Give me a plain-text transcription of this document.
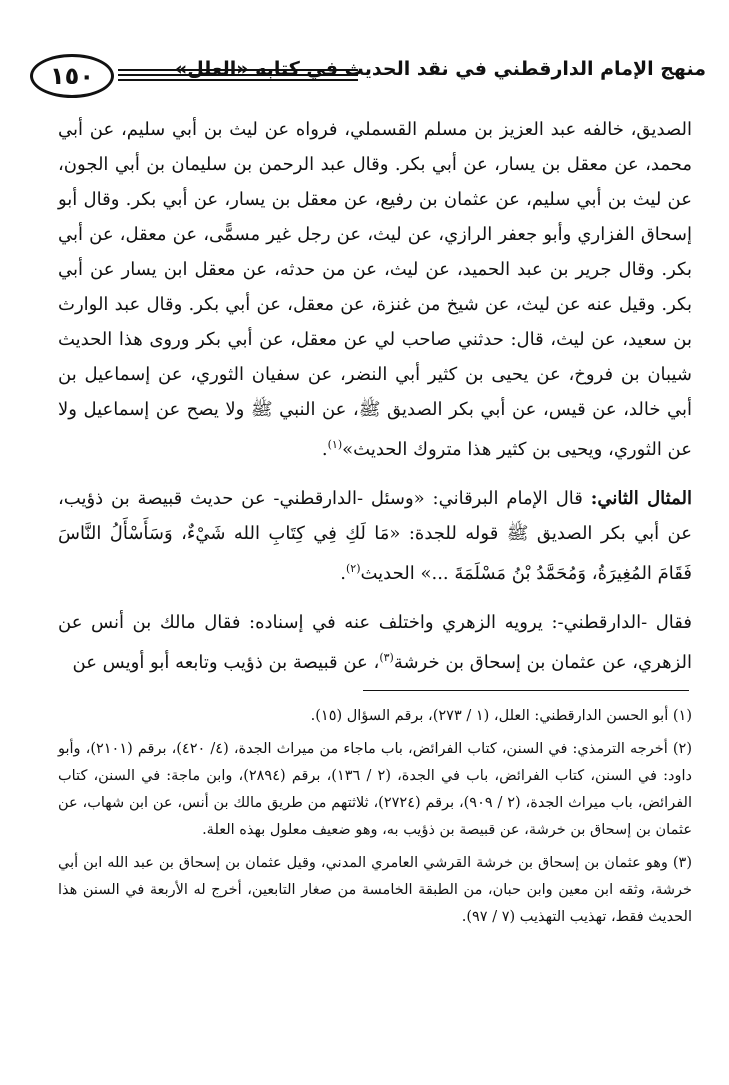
١٥٠	منهج الإمام الدارقطني في نقد الحديث في كتابه «العلل»

الصديق، خالفه عبد العزيز بن مسلم القسملي، فرواه عن ليث بن أبي سليم، عن أبي محمد، عن معقل بن يسار، عن أبي بكر. وقال عبد الرحمن بن سليمان بن أبي الجون، عن ليث بن أبي سليم، عن عثمان بن رفيع، عن معقل بن يسار، عن أبي بكر. وقال أبو إسحاق الفزاري وأبو جعفر الرازي، عن ليث، عن رجل غير مسمًّى، عن معقل، عن أبي بكر. وقال جرير بن عبد الحميد، عن ليث، عن من حدثه، عن معقل ابن يسار عن أبي بكر. وقيل عنه عن ليث، عن شيخ من غنزة، عن معقل، عن أبي بكر. وقال عبد الوارث بن سعيد، عن ليث، قال: حدثني صاحب لي عن معقل، عن أبي بكر وروى هذا الحديث شيبان بن فروخ، عن يحيى بن كثير أبي النضر، عن سفيان الثوري، عن إسماعيل بن أبي خالد، عن قيس، عن أبي بكر الصديق ﷺ، عن النبي ﷺ ولا يصح عن إسماعيل ولا عن الثوري، ويحيى بن كثير هذا متروك الحديث»$^{(١)}$.

المثال الثاني: قال الإمام البرقاني: «وسئل -الدارقطني- عن حديث قبيصة بن ذؤيب، عن أبي بكر الصديق ﷺ قوله للجدة: «مَا لَكِ فِي كِتَابِ الله شَيْءٌ، وَسَأَسْأَلُ النَّاسَ فَقَامَ المُغِيرَةُ، وَمُحَمَّدُ بْنُ مَسْلَمَةَ ...» الحديث$^{(٢)}$.

فقال -الدارقطني-: يرويه الزهري واختلف عنه في إسناده: فقال مالك بن أنس عن الزهري، عن عثمان بن إسحاق بن خرشة$^{(٣)}$، عن قبيصة بن ذؤيب وتابعه أبو أويس عن

(١) أبو الحسن الدارقطني: العلل، (١ / ٢٧٣)، برقم السؤال (١٥).

(٢) أخرجه الترمذي: في السنن، كتاب الفرائض، باب ماجاء من ميراث الجدة، (٤/ ٤٢٠)، برقم (٢١٠١)، وأبو داود: في السنن، كتاب الفرائض، باب في الجدة، (٢ / ١٣٦)، برقم (٢٨٩٤)، وابن ماجة: في السنن، كتاب الفرائض، باب ميراث الجدة، (٢ / ٩٠٩)، برقم (٢٧٢٤)، ثلاثتهم من طريق مالك بن أنس، عن ابن شهاب، عن عثمان بن إسحاق بن خرشة، عن قبيصة بن ذؤيب به، وهو ضعيف معلول بهذه العلة.

(٣) وهو عثمان بن إسحاق بن خرشة القرشي العامري المدني، وقيل عثمان بن إسحاق بن عبد الله ابن أبي خرشة، وثقه ابن معين وابن حبان، من الطبقة الخامسة من صغار التابعين، أخرج له الأربعة في السنن هذا الحديث فقط، تهذيب التهذيب (٧ / ٩٧).
